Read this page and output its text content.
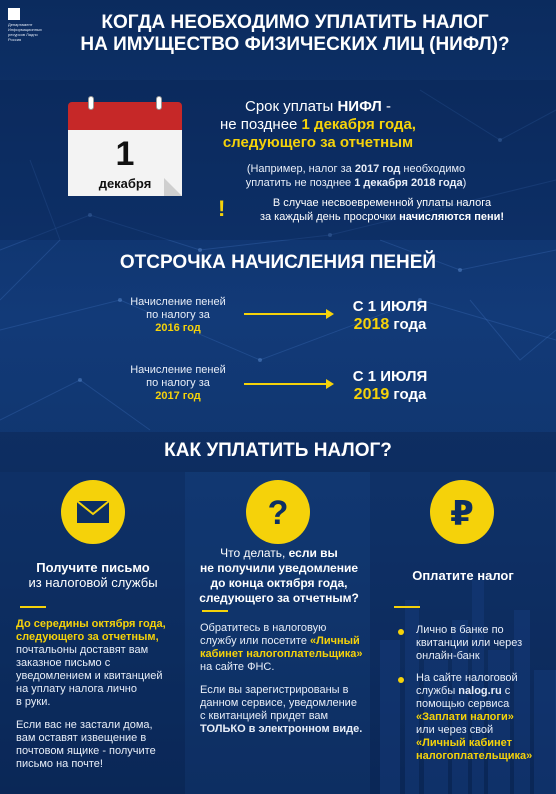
Департамент Информационных ресурсов Ладно Россия
КОГДА НЕОБХОДИМО УПЛАТИТЬ НАЛОГ
НА ИМУЩЕСТВО ФИЗИЧЕСКИХ ЛИЦ (НИФЛ)?
1
декабря
Срок уплаты НИФЛ -
не позднее 1 декабря года,
следующего за отчетным
(Например, налог за 2017 год необходимо
уплатить не позднее 1 декабря 2018 года)
!	В случае несвоевременной уплаты налога
за каждый день просрочки начисляются пени!
ОТСРОЧКА НАЧИСЛЕНИЯ ПЕНЕЙ
Начисление пеней
по налогу за
2016 год
С 1 ИЮЛЯ
2018 года
Начисление пеней
по налогу за
2017 год
С 1 ИЮЛЯ
2019 года
КАК УПЛАТИТЬ НАЛОГ?
?	₽
Получите письмо
из налоговой службы
До середины октября года,
следующего за отчетным,
почтальоны доставят вам
заказное письмо с
уведомлением и квитанцией
на уплату налога лично
в руки.
Если вас не застали дома,
вам оставят извещение в
почтовом ящике - получите
письмо на почте!
Что делать, если вы
не получили уведомление
до конца октября года,
следующего за отчетным?
Обратитесь в налоговую
службу или посетите «Личный
кабинет налогоплательщика»
на сайте ФНС.
Если вы зарегистрированы в
данном сервисе, уведомление
с квитанцией придет вам
ТОЛЬКО в электронном виде.
Оплатите налог
Лично в банке по
квитанции или через
онлайн-банк
На сайте налоговой
службы nalog.ru с
помощью сервиса
«Заплати налоги»
или через свой
«Личный кабинет
налогоплательщика»
